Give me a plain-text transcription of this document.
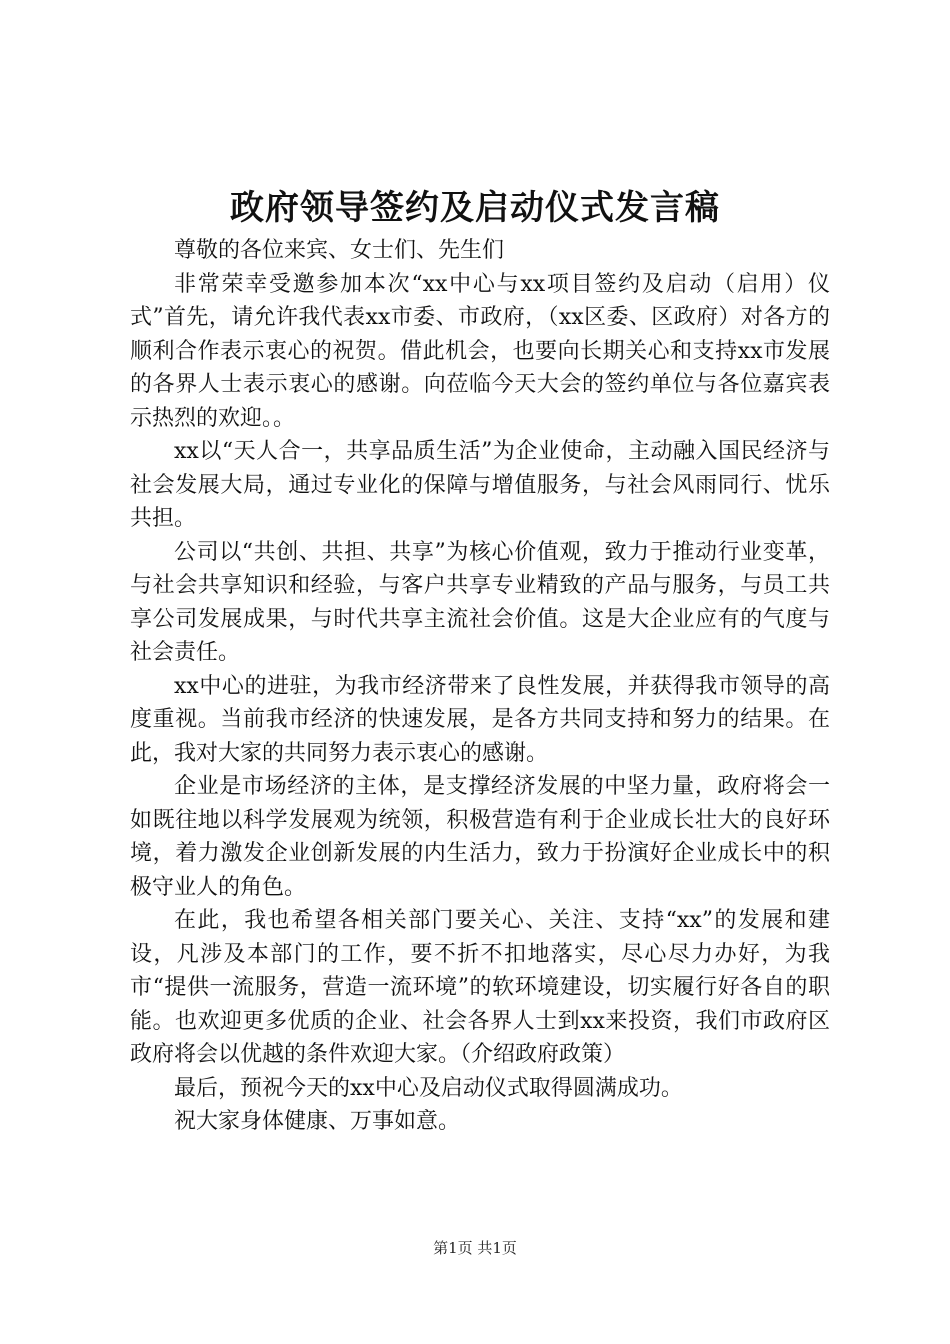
政府领导签约及启动仪式发言稿

尊敬的各位来宾、女士们、先生们

非常荣幸受邀参加本次“xx中心与xx项目签约及启动（启用）仪式”首先，请允许我代表xx市委、市政府，（xx区委、区政府）对各方的顺利合作表示衷心的祝贺。借此机会，也要向长期关心和支持xx市发展的各界人士表示衷心的感谢。向莅临今天大会的签约单位与各位嘉宾表示热烈的欢迎。。

xx以“天人合一，共享品质生活”为企业使命，主动融入国民经济与社会发展大局，通过专业化的保障与增值服务，与社会风雨同行、忧乐共担。

公司以“共创、共担、共享”为核心价值观，致力于推动行业变革，与社会共享知识和经验，与客户共享专业精致的产品与服务，与员工共享公司发展成果，与时代共享主流社会价值。这是大企业应有的气度与社会责任。

xx中心的进驻，为我市经济带来了良性发展，并获得我市领导的高度重视。当前我市经济的快速发展，是各方共同支持和努力的结果。在此，我对大家的共同努力表示衷心的感谢。

企业是市场经济的主体，是支撑经济发展的中坚力量，政府将会一如既往地以科学发展观为统领，积极营造有利于企业成长壮大的良好环境，着力激发企业创新发展的内生活力，致力于扮演好企业成长中的积极守业人的角色。

在此，我也希望各相关部门要关心、关注、支持“xx”的发展和建设，凡涉及本部门的工作，要不折不扣地落实，尽心尽力办好，为我市“提供一流服务，营造一流环境”的软环境建设，切实履行好各自的职能。也欢迎更多优质的企业、社会各界人士到xx来投资，我们市政府区政府将会以优越的条件欢迎大家。（介绍政府政策）

最后，预祝今天的xx中心及启动仪式取得圆满成功。

祝大家身体健康、万事如意。

第1页 共1页
